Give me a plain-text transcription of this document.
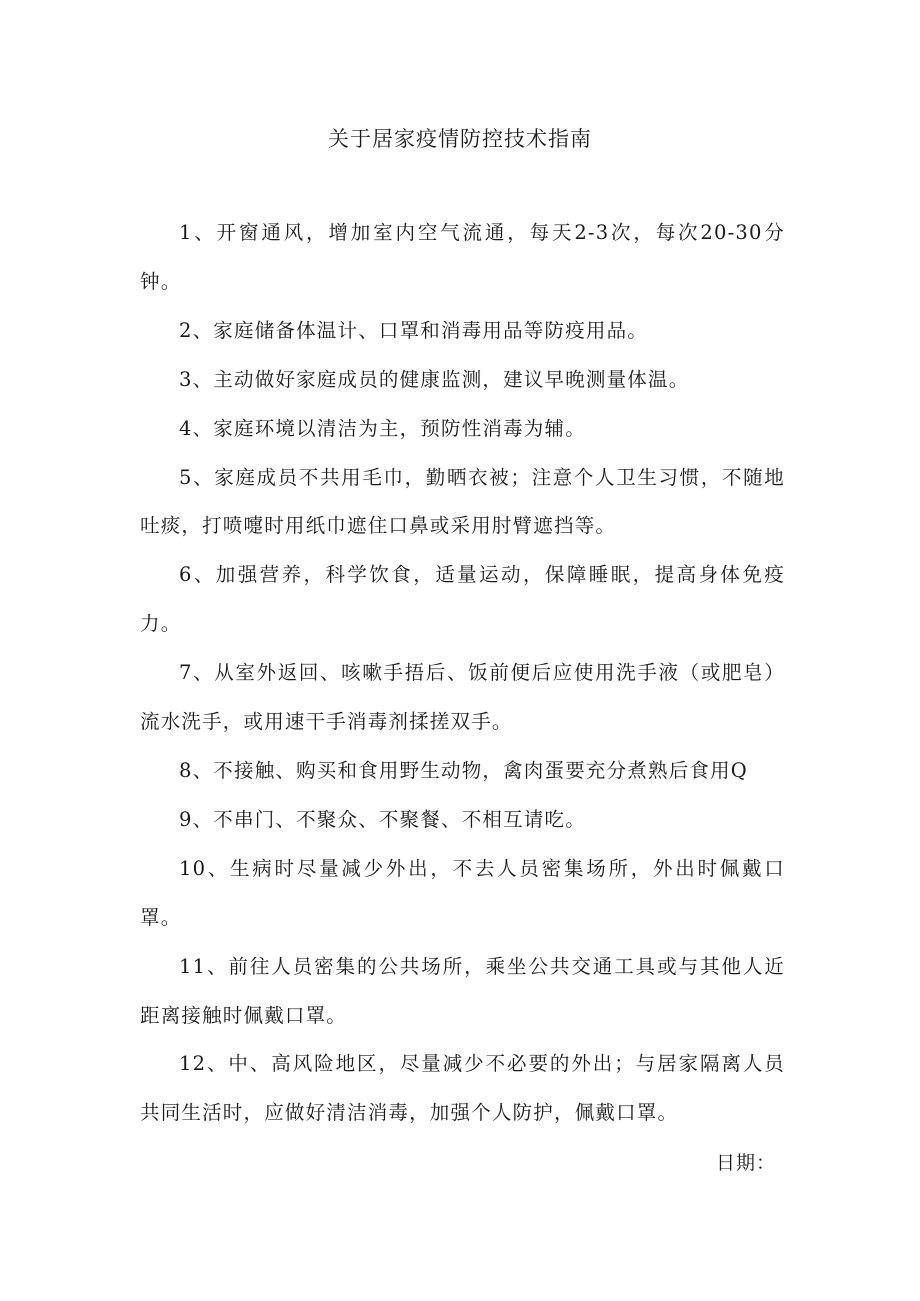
关于居家疫情防控技术指南
1、开窗通风，增加室内空气流通，每天2-3次，每次20-30分钟。
2、家庭储备体温计、口罩和消毒用品等防疫用品。
3、主动做好家庭成员的健康监测，建议早晚测量体温。
4、家庭环境以清洁为主，预防性消毒为辅。
5、家庭成员不共用毛巾，勤晒衣被；注意个人卫生习惯，不随地吐痰，打喷嚏时用纸巾遮住口鼻或采用肘臂遮挡等。
6、加强营养，科学饮食，适量运动，保障睡眠，提高身体免疫力。
7、从室外返回、咳嗽手捂后、饭前便后应使用洗手液（或肥皂）流水洗手，或用速干手消毒剂揉搓双手。
8、不接触、购买和食用野生动物，禽肉蛋要充分煮熟后食用Q
9、不串门、不聚众、不聚餐、不相互请吃。
10、生病时尽量减少外出，不去人员密集场所，外出时佩戴口罩。
11、前往人员密集的公共场所，乘坐公共交通工具或与其他人近距离接触时佩戴口罩。
12、中、高风险地区，尽量减少不必要的外出；与居家隔离人员共同生活时，应做好清洁消毒，加强个人防护，佩戴口罩。

日期：
